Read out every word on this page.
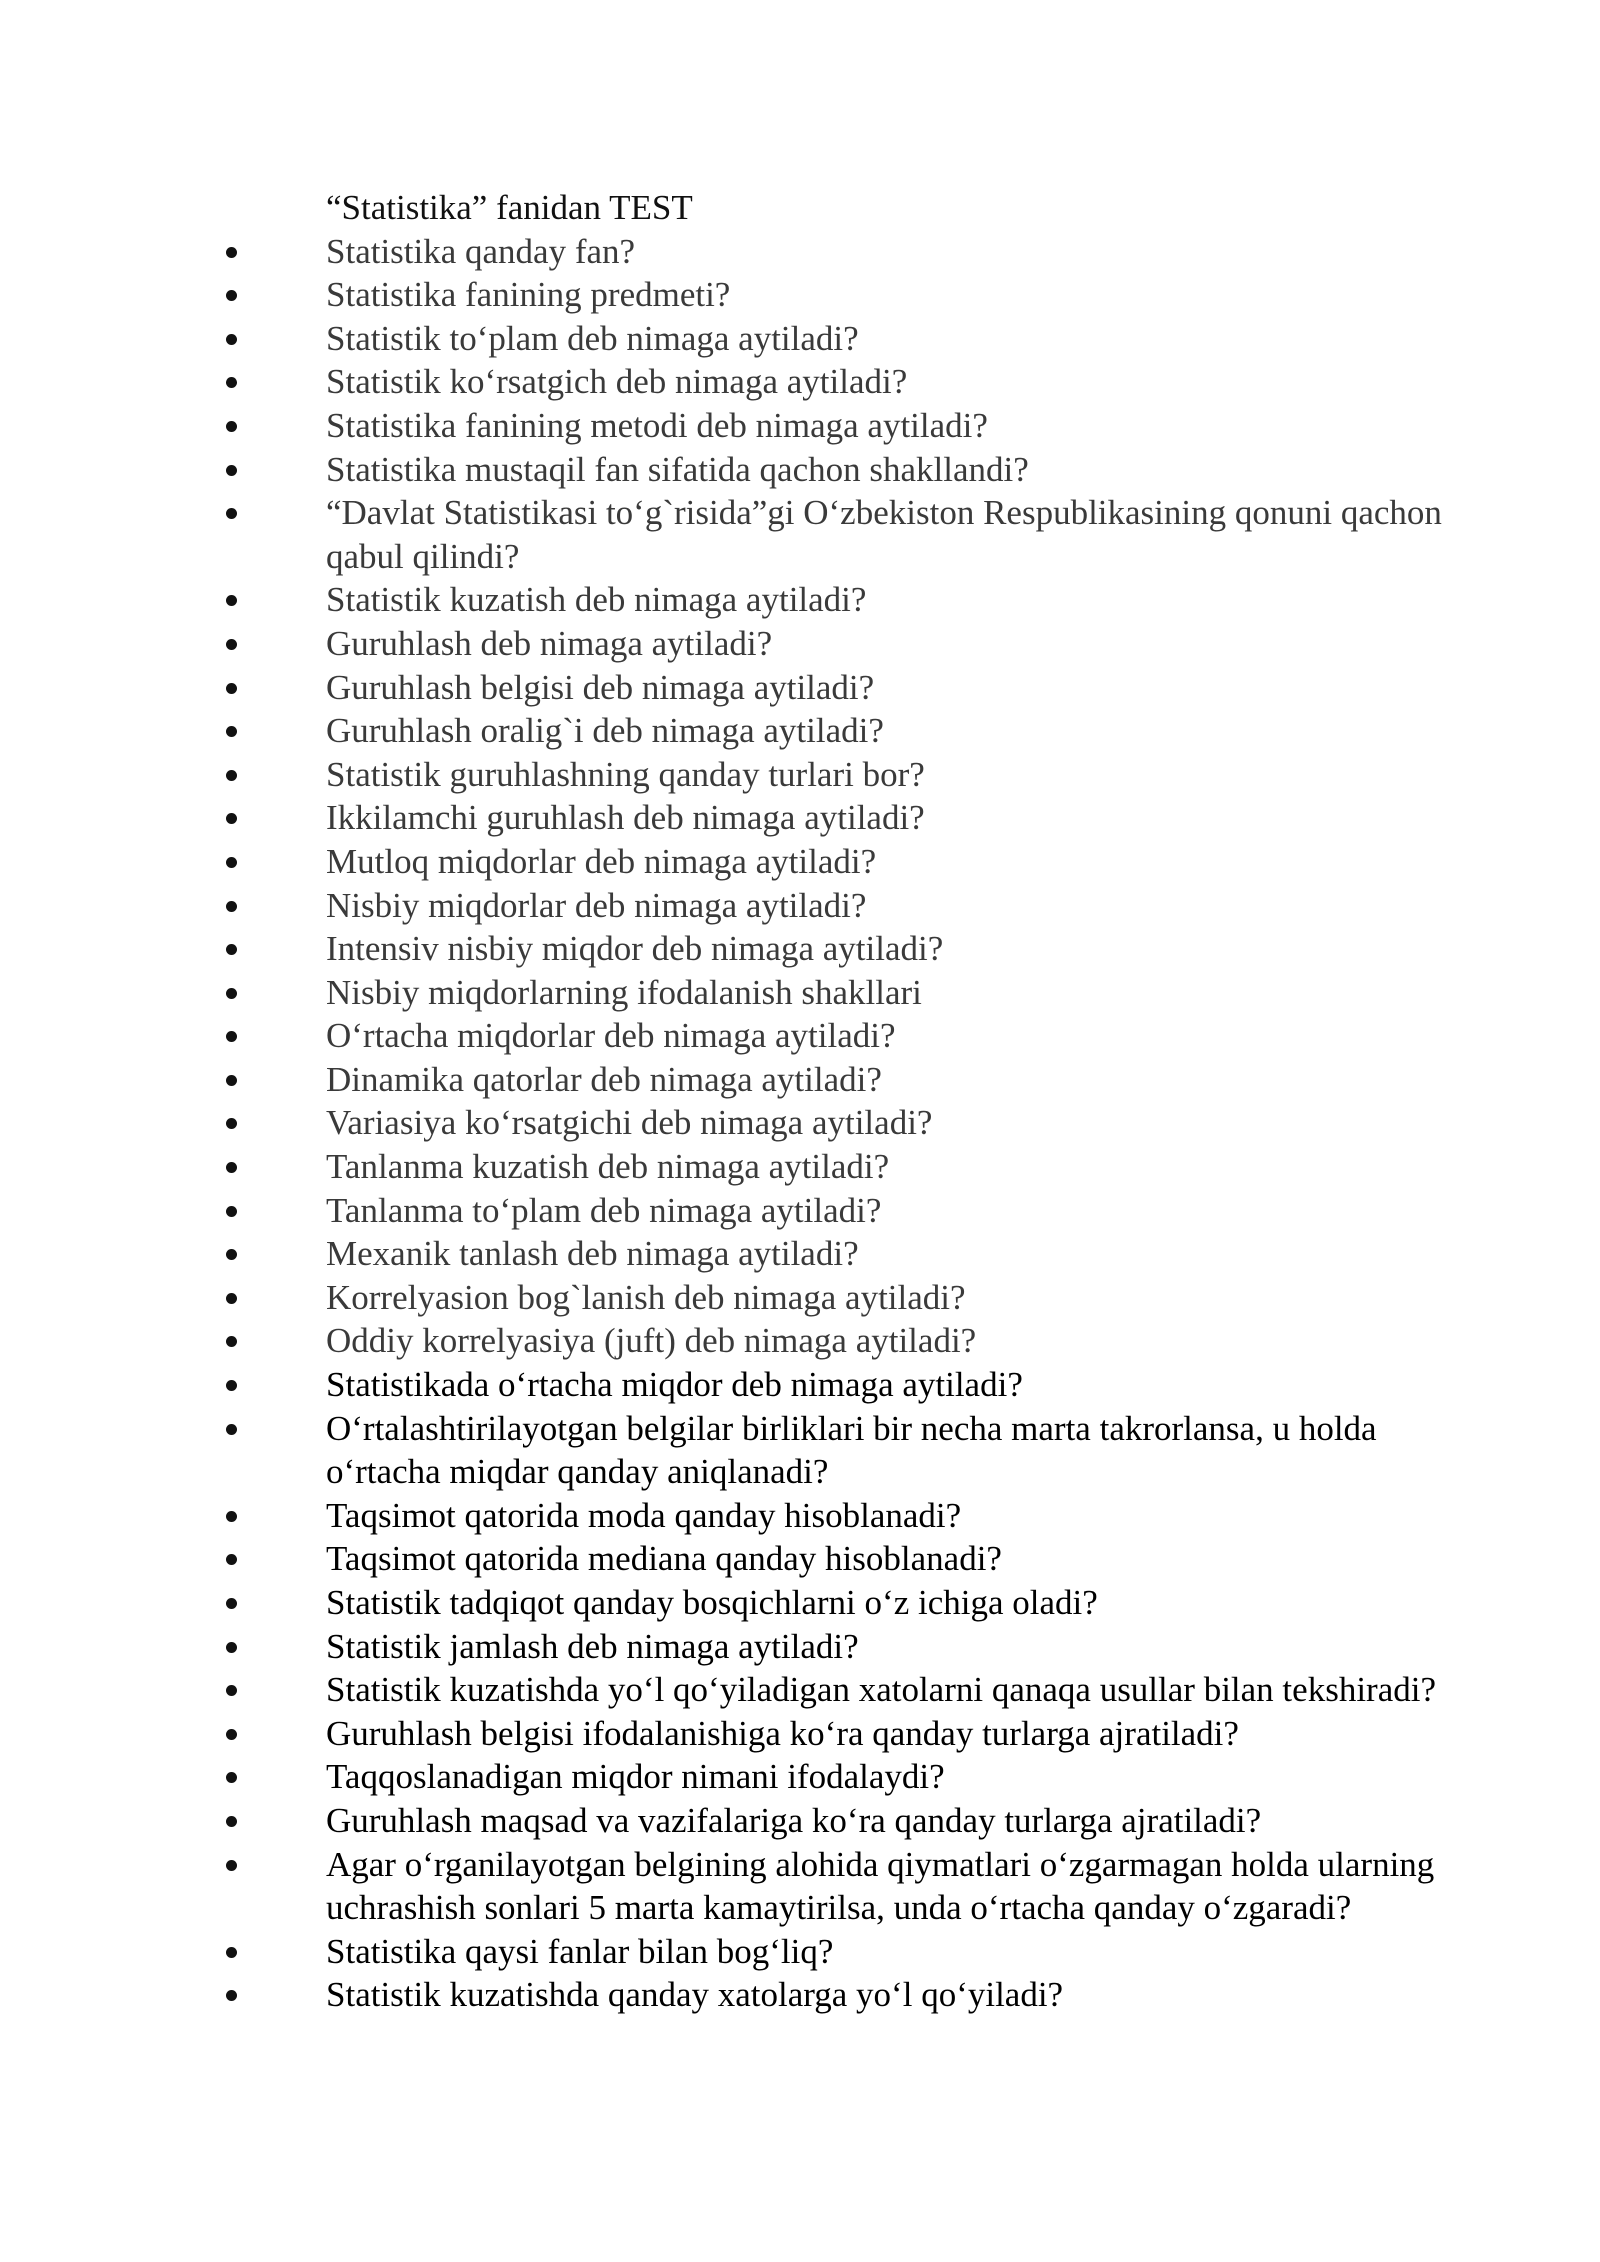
“Statistika” fanidan TEST
Statistika qanday fan?
Statistika fanining predmeti?
Statistik to‘plam deb nimaga aytiladi?
Statistik ko‘rsatgich deb nimaga aytiladi?
Statistika fanining metodi deb nimaga aytiladi?
Statistika mustaqil fan sifatida qachon shakllandi?
“Davlat Statistikasi to‘g`risida”gi O‘zbekiston Respublikasining qonuni qachon qabul qilindi?
Statistik kuzatish deb nimaga aytiladi?
Guruhlash deb nimaga aytiladi?
Guruhlash belgisi deb nimaga aytiladi?
Guruhlash oralig`i deb nimaga aytiladi?
Statistik guruhlashning qanday turlari bor?
Ikkilamchi guruhlash deb nimaga aytiladi?
Mutloq miqdorlar deb nimaga aytiladi?
Nisbiy miqdorlar deb nimaga aytiladi?
Intensiv nisbiy miqdor deb nimaga aytiladi?
Nisbiy miqdorlarning ifodalanish shakllari
O‘rtacha miqdorlar deb nimaga aytiladi?
Dinamika qatorlar deb nimaga aytiladi?
Variasiya ko‘rsatgichi deb nimaga aytiladi?
Tanlanma kuzatish deb nimaga aytiladi?
Tanlanma to‘plam deb nimaga aytiladi?
Mexanik tanlash deb nimaga aytiladi?
Korrelyasion bog`lanish deb nimaga aytiladi?
Oddiy korrelyasiya (juft) deb nimaga aytiladi?
Statistikada o‘rtacha miqdor deb nimaga aytiladi?
O‘rtalashtirilayotgan belgilar birliklari bir necha marta takrorlansa, u holda o‘rtacha miqdar qanday aniqlanadi?
Taqsimot qatorida moda qanday hisoblanadi?
Taqsimot qatorida mediana qanday hisoblanadi?
Statistik tadqiqot qanday bosqichlarni o‘z ichiga oladi?
Statistik jamlash deb nimaga aytiladi?
Statistik kuzatishda yo‘l qo‘yiladigan xatolarni qanaqa usullar bilan tekshiradi?
Guruhlash belgisi ifodalanishiga ko‘ra qanday turlarga ajratiladi?
Taqqoslanadigan miqdor nimani ifodalaydi?
Guruhlash maqsad va vazifalariga ko‘ra qanday turlarga ajratiladi?
Agar o‘rganilayotgan belgining alohida qiymatlari o‘zgarmagan holda ularning uchrashish sonlari 5 marta kamaytirilsa, unda o‘rtacha qanday o‘zgaradi?
Statistika qaysi fanlar bilan bog‘liq?
Statistik kuzatishda qanday xatolarga yo‘l qo‘yiladi?
